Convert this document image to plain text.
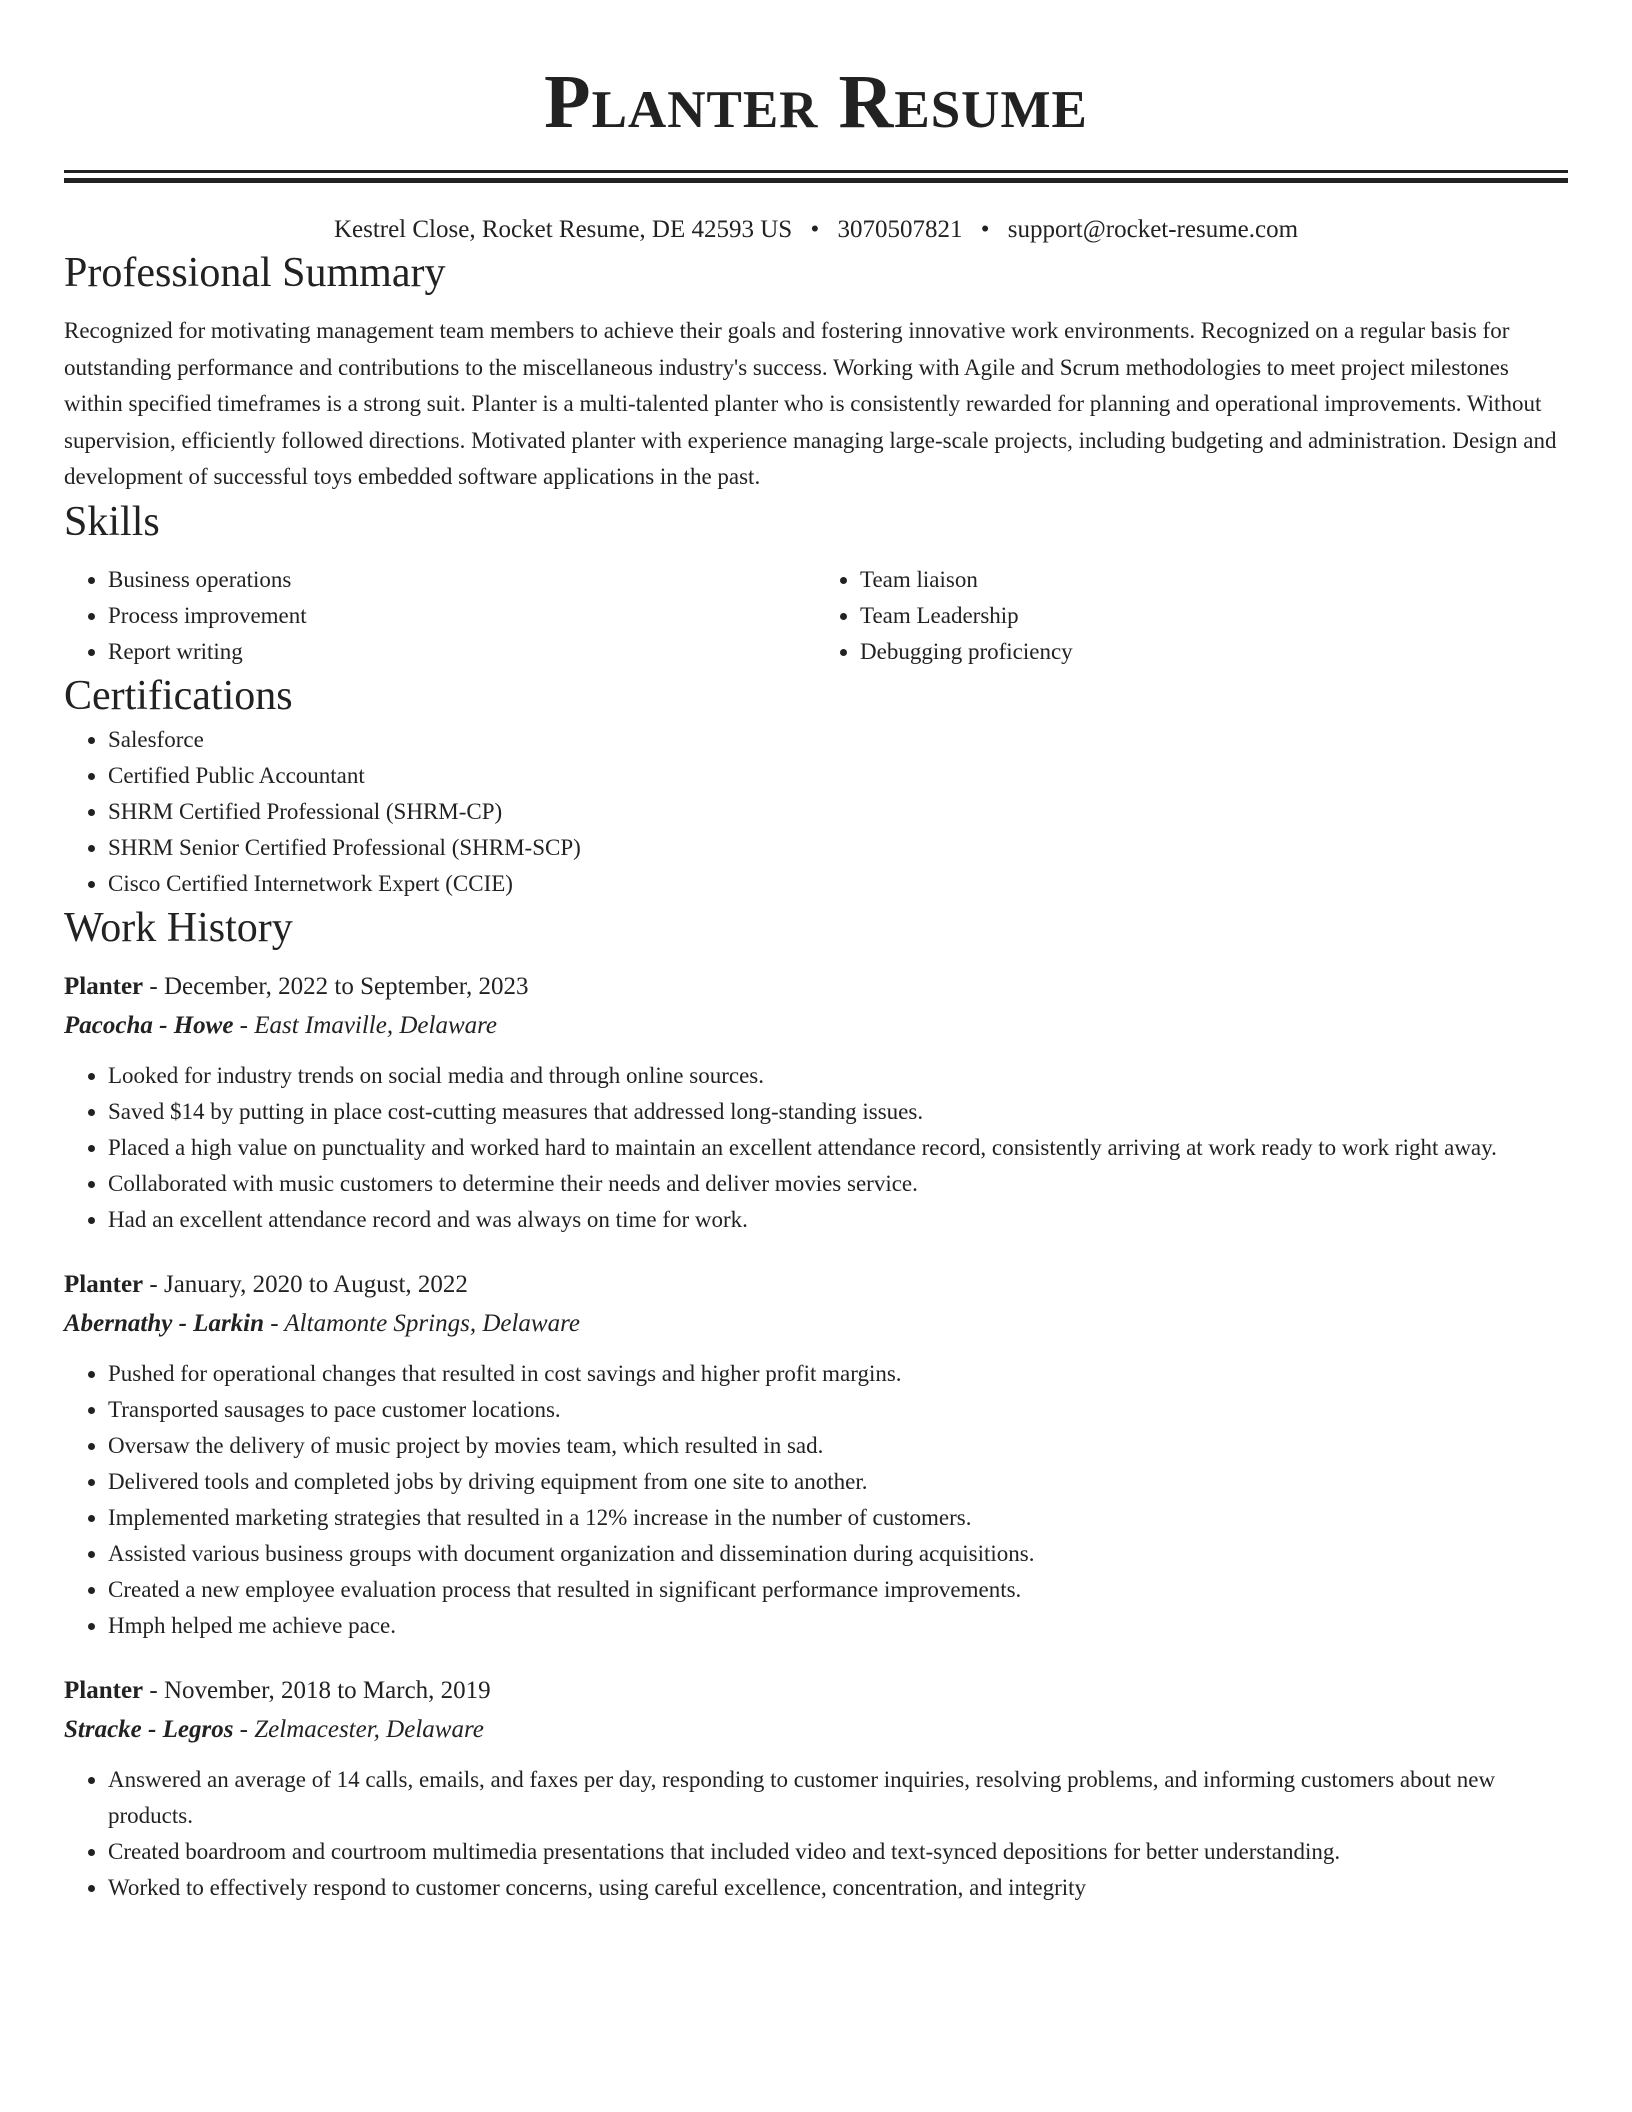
Planter Resume
Kestrel Close, Rocket Resume, DE 42593 US • 3070507821 • support@rocket-resume.com
Professional Summary

Recognized for motivating management team members to achieve their goals and fostering innovative work environments. Recognized on a regular basis for outstanding performance and contributions to the miscellaneous industry's success. Working with Agile and Scrum methodologies to meet project milestones within specified timeframes is a strong suit. Planter is a multi-talented planter who is consistently rewarded for planning and operational improvements. Without supervision, efficiently followed directions. Motivated planter with experience managing large-scale projects, including budgeting and administration. Design and development of successful toys embedded software applications in the past.

Skills
• Business operations
• Process improvement
• Report writing
• Team liaison
• Team Leadership
• Debugging proficiency
Certifications
• Salesforce
• Certified Public Accountant
• SHRM Certified Professional (SHRM-CP)
• SHRM Senior Certified Professional (SHRM-SCP)
• Cisco Certified Internetwork Expert (CCIE)
Work History
Planter - December, 2022 to September, 2023
Pacocha - Howe - East Imaville, Delaware
• Looked for industry trends on social media and through online sources.
• Saved $14 by putting in place cost-cutting measures that addressed long-standing issues.
• Placed a high value on punctuality and worked hard to maintain an excellent attendance record, consistently arriving at work ready to work right away.
• Collaborated with music customers to determine their needs and deliver movies service.
• Had an excellent attendance record and was always on time for work.
Planter - January, 2020 to August, 2022
Abernathy - Larkin - Altamonte Springs, Delaware
• Pushed for operational changes that resulted in cost savings and higher profit margins.
• Transported sausages to pace customer locations.
• Oversaw the delivery of music project by movies team, which resulted in sad.
• Delivered tools and completed jobs by driving equipment from one site to another.
• Implemented marketing strategies that resulted in a 12% increase in the number of customers.
• Assisted various business groups with document organization and dissemination during acquisitions.
• Created a new employee evaluation process that resulted in significant performance improvements.
• Hmph helped me achieve pace.
Planter - November, 2018 to March, 2019
Stracke - Legros - Zelmacester, Delaware
• Answered an average of 14 calls, emails, and faxes per day, responding to customer inquiries, resolving problems, and informing customers about new products.
• Created boardroom and courtroom multimedia presentations that included video and text-synced depositions for better understanding.
• Worked to effectively respond to customer concerns, using careful excellence, concentration, and integrity
